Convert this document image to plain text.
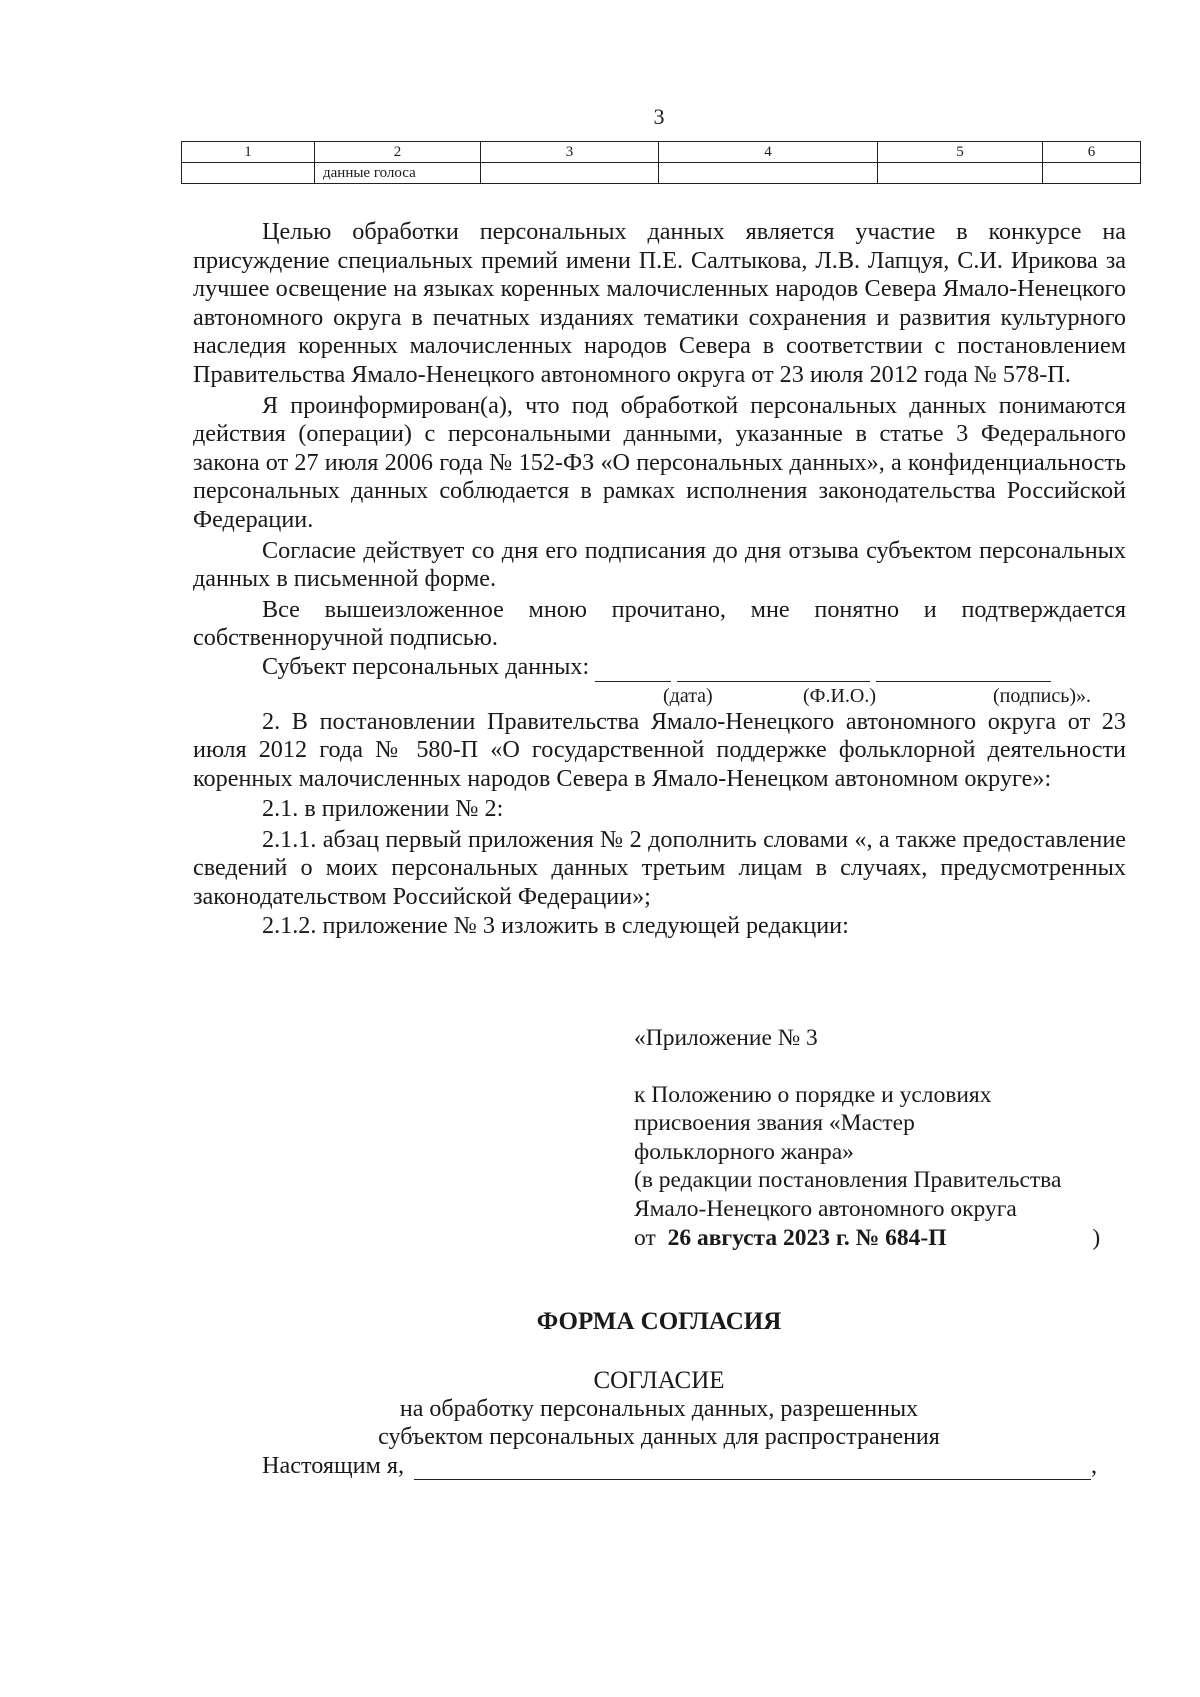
3
1	2	3	4	5	6
	данные голоса				

Целью обработки персональных данных является участие в конкурсе на присуждение специальных премий имени П.Е. Салтыкова, Л.В. Лапцуя, С.И. Ирикова за лучшее освещение на языках коренных малочисленных народов Севера Ямало-Ненецкого автономного округа в печатных изданиях тематики сохранения и развития культурного наследия коренных малочисленных народов Севера в соответствии с постановлением Правительства Ямало-Ненецкого автономного округа от 23 июля 2012 года № 578-П.

Я проинформирован(а), что под обработкой персональных данных понимаются действия (операции) с персональными данными, указанные в статье 3 Федерального закона от 27 июля 2006 года № 152-ФЗ «О персональных данных», а конфиденциальность персональных данных соблюдается в рамках исполнения законодательства Российской Федерации.

Согласие действует со дня его подписания до дня отзыва субъектом персональных данных в письменной форме.

Все вышеизложенное мною прочитано, мне понятно и подтверждается собственноручной подписью.

Субъект персональных данных:
(дата)	(Ф.И.О.)	(подпись)».

2. В постановлении Правительства Ямало-Ненецкого автономного округа от 23 июля 2012 года № 580-П «О государственной поддержке фольклорной деятельности коренных малочисленных народов Севера в Ямало-Ненецком автономном округе»:

2.1. в приложении № 2:

2.1.1. абзац первый приложения № 2 дополнить словами «, а также предоставление сведений о моих персональных данных третьим лицам в случаях, предусмотренных законодательством Российской Федерации»;

2.1.2. приложение № 3 изложить в следующей редакции:

«Приложение № 3
к Положению о порядке и условиях
присвоения звания «Мастер
фольклорного жанра»
(в редакции постановления Правительства
Ямало-Ненецкого автономного округа
от 26 августа 2023 г. № 684-П	)
ФОРМА СОГЛАСИЯ
СОГЛАСИЕ
на обработку персональных данных, разрешенных
субъектом персональных данных для распространения
Настоящим я,	,
